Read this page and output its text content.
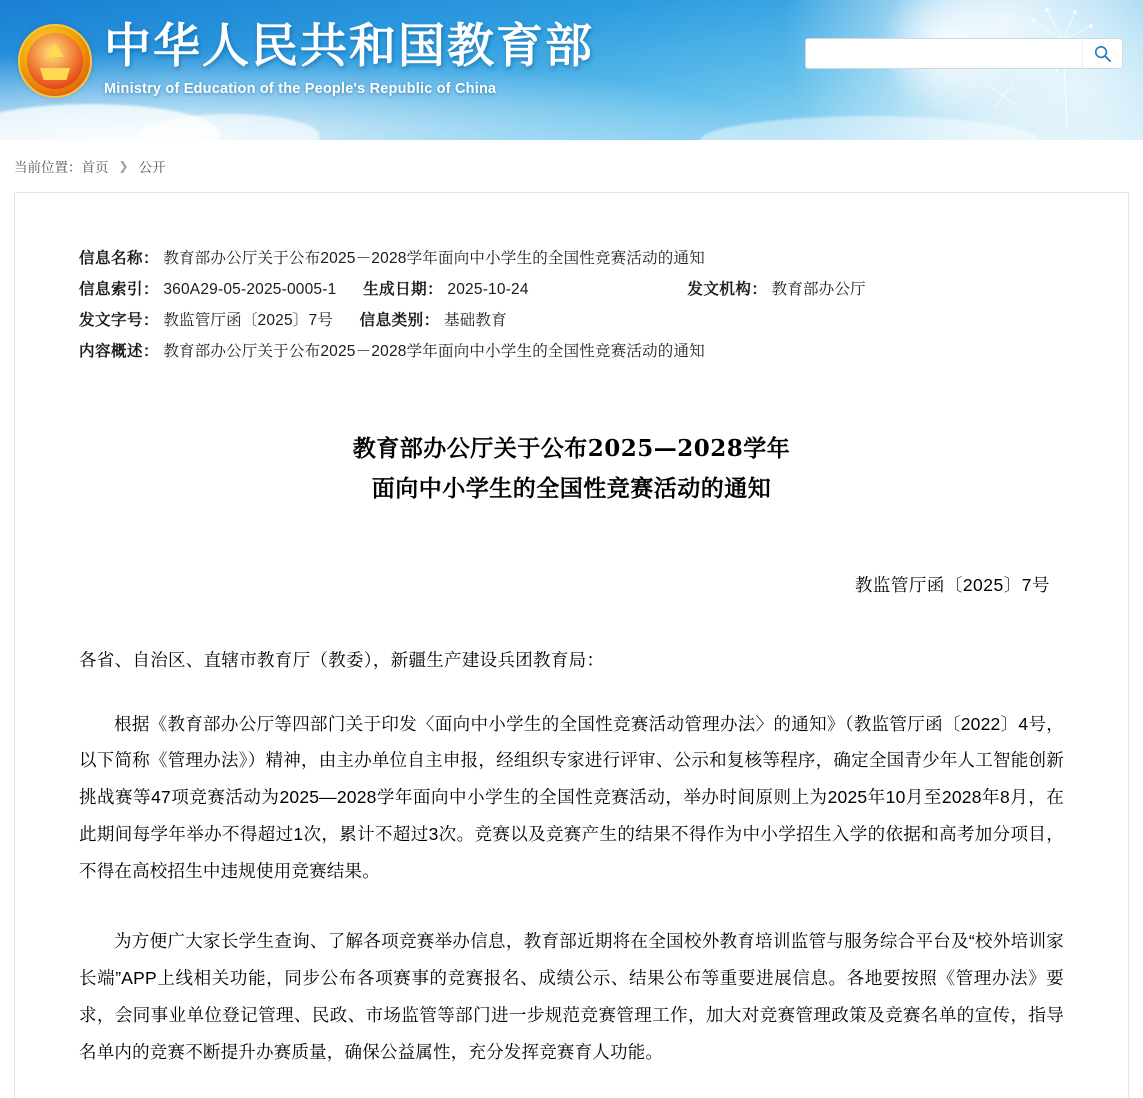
中华人民共和国教育部
Ministry of Education of the People's Republic of China
当前位置： 首页 ❯ 公开
信息名称： 教育部办公厅关于公布2025－2028学年面向中小学生的全国性竞赛活动的通知
信息索引： 360A29-05-2025-0005-1 生成日期： 2025-10-24	发文机构： 教育部办公厅
发文字号： 教监管厅函〔2025〕7号 信息类别： 基础教育
内容概述： 教育部办公厅关于公布2025－2028学年面向中小学生的全国性竞赛活动的通知
教育部办公厅关于公布2025—2028学年
面向中小学生的全国性竞赛活动的通知
教监管厅函〔2025〕7号
各省、自治区、直辖市教育厅（教委），新疆生产建设兵团教育局：

根据《教育部办公厅等四部门关于印发〈面向中小学生的全国性竞赛活动管理办法〉的通知》（教监管厅函〔2022〕4号，以下简称《管理办法》）精神，由主办单位自主申报，经组织专家进行评审、公示和复核等程序，确定全国青少年人工智能创新挑战赛等47项竞赛活动为2025—2028学年面向中小学生的全国性竞赛活动，举办时间原则上为2025年10月至2028年8月，在此期间每学年举办不得超过1次，累计不超过3次。竞赛以及竞赛产生的结果不得作为中小学招生入学的依据和高考加分项目，不得在高校招生中违规使用竞赛结果。

为方便广大家长学生查询、了解各项竞赛举办信息，教育部近期将在全国校外教育培训监管与服务综合平台及“校外培训家长端”APP上线相关功能，同步公布各项赛事的竞赛报名、成绩公示、结果公布等重要进展信息。各地要按照《管理办法》要求，会同事业单位登记管理、民政、市场监管等部门进一步规范竞赛管理工作，加大对竞赛管理政策及竞赛名单的宣传，指导名单内的竞赛不断提升办赛质量，确保公益属性，充分发挥竞赛育人功能。
